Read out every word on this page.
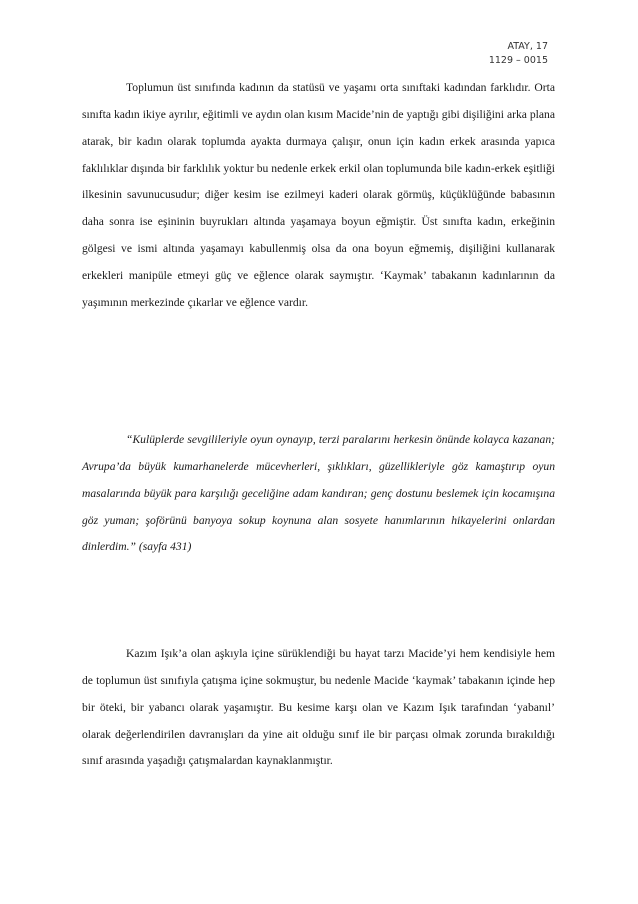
ATAY, 17
1129 – 0015

Toplumun üst sınıfında kadının da statüsü ve yaşamı orta sınıftaki kadından farklıdır. Orta sınıfta kadın ikiye ayrılır, eğitimli ve aydın olan kısım Macide’nin de yaptığı gibi dişiliğini arka plana atarak, bir kadın olarak toplumda ayakta durmaya çalışır, onun için kadın erkek arasında yapıca faklılıklar dışında bir farklılık yoktur bu nedenle erkek erkil olan toplumunda bile kadın-erkek eşitliği ilkesinin savunucusudur; diğer kesim ise ezilmeyi kaderi olarak görmüş, küçüklüğünde babasının daha sonra ise eşininin buyrukları altında yaşamaya boyun eğmiştir. Üst sınıfta kadın, erkeğinin gölgesi ve ismi altında yaşamayı kabullenmiş olsa da ona boyun eğmemiş, dişiliğini kullanarak erkekleri manipüle etmeyi güç ve eğlence olarak saymıştır. ‘Kaymak’ tabakanın kadınlarının da yaşımının merkezinde çıkarlar ve eğlence vardır.

“Kulüplerde sevgilileriyle oyun oynayıp, terzi paralarını herkesin önünde kolayca kazanan; Avrupa’da büyük kumarhanelerde mücevherleri, şıklıkları, güzellikleriyle göz kamaştırıp oyun masalarında büyük para karşılığı geceliğine adam kandıran; genç dostunu beslemek için kocamışına göz yuman; şoförünü banyoya sokup koynuna alan sosyete hanımlarının hikayelerini onlardan dinlerdim.” (sayfa 431)

Kazım Işık’a olan aşkıyla içine sürüklendiği bu hayat tarzı Macide’yi hem kendisiyle hem de toplumun üst sınıfıyla çatışma içine sokmuştur, bu nedenle Macide ‘kaymak’ tabakanın içinde hep bir öteki, bir yabancı olarak yaşamıştır. Bu kesime karşı olan ve Kazım Işık tarafından ‘yabanıl’ olarak değerlendirilen davranışları da yine ait olduğu sınıf ile bir parçası olmak zorunda bırakıldığı sınıf arasında yaşadığı çatışmalardan kaynaklanmıştır.
